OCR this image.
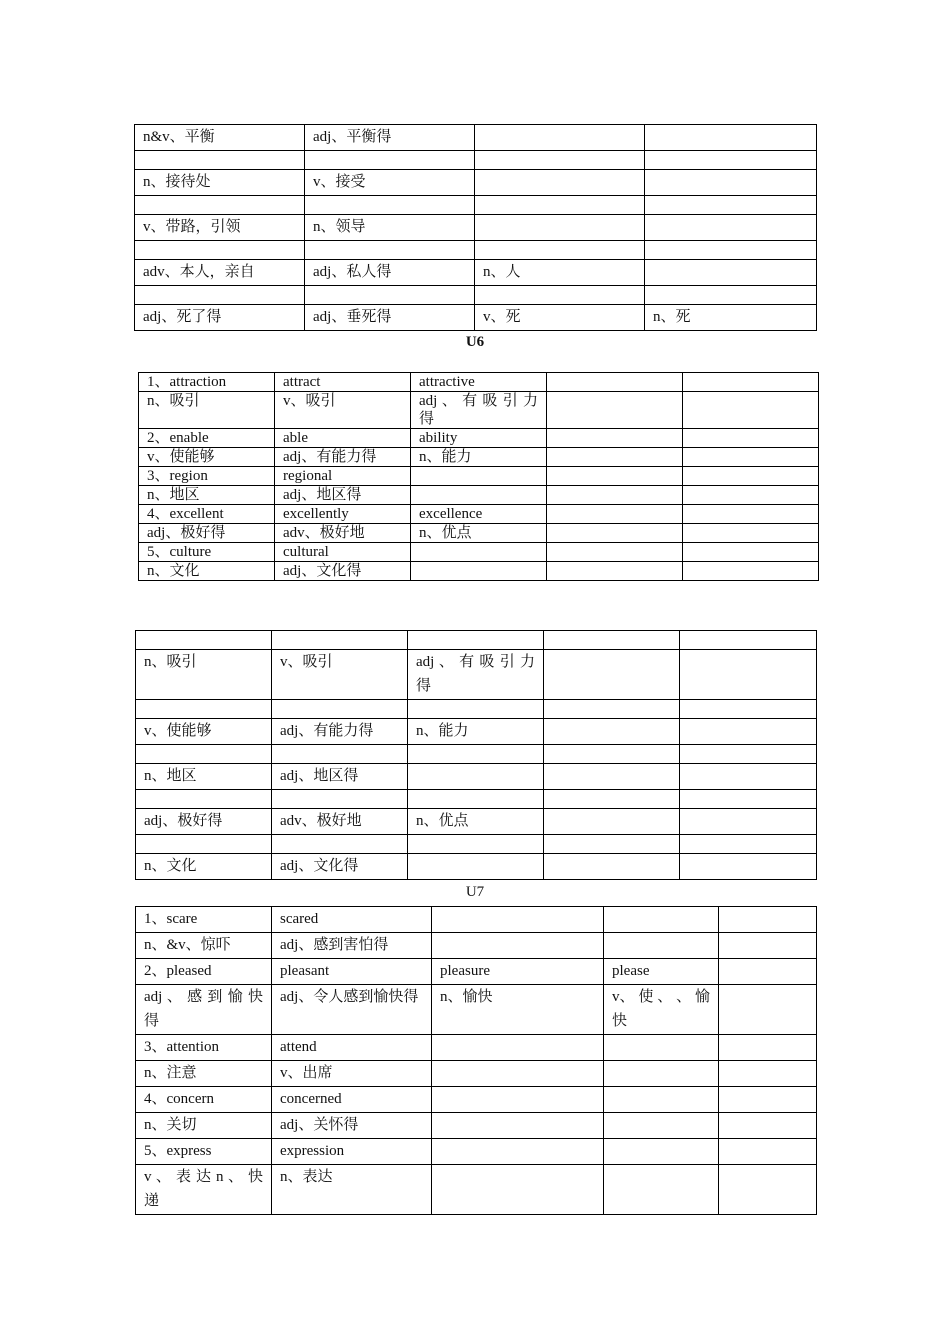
n&v、平衡	adj、平衡得		

n、接待处	v、接受		

v、带路，引领	n、领导		

adv、本人，亲自	adj、私人得	n、人	

adj、死了得	adj、垂死得	v、死	n、死
U6
1、attraction	attract	attractive		
n、吸引	v、吸引	adj 、 有 吸 引 力 得		
2、enable	able	ability		
v、使能够	adj、有能力得	n、能力		
3、region	regional			
n、地区	adj、地区得			
4、excellent	excellently	excellence		
adj、极好得	adv、极好地	n、优点		
5、culture	cultural			
n、文化	adj、文化得			

n、吸引	v、吸引	adj 、 有 吸 引 力 得		

v、使能够	adj、有能力得	n、能力		

n、地区	adj、地区得			

adj、极好得	adv、极好地	n、优点		

n、文化	adj、文化得			
U7
1、scare	scared			
n、&v、惊吓	adj、感到害怕得			
2、pleased	pleasant	pleasure	please	
adj 、 感 到 愉 快 得	adj、令人感到愉快得	n、愉快	v、 使 、 、 愉 快	
3、attention	attend			
n、注意	v、出席			
4、concern	concerned			
n、关切	adj、关怀得			
5、express	expression			
v 、 表 达 n 、 快 递	n、表达			
